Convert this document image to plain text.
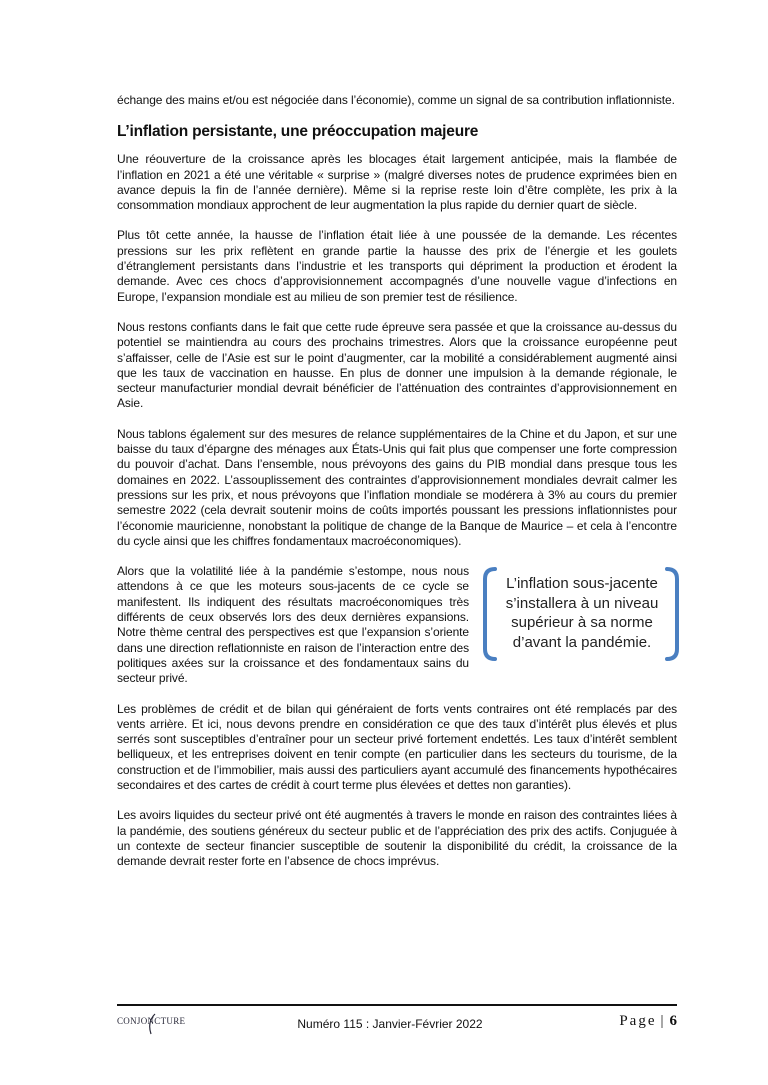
échange des mains et/ou est négociée dans l’économie), comme un signal de sa contribution inflationniste.

L’inflation persistante, une préoccupation majeure

Une réouverture de la croissance après les blocages était largement anticipée, mais la flambée de l’inflation en 2021 a été une véritable « surprise » (malgré diverses notes de prudence exprimées bien en avance depuis la fin de l’année dernière). Même si la reprise reste loin d’être complète, les prix à la consommation mondiaux approchent de leur augmentation la plus rapide du dernier quart de siècle.

Plus tôt cette année, la hausse de l’inflation était liée à une poussée de la demande. Les récentes pressions sur les prix reflètent en grande partie la hausse des prix de l’énergie et les goulets d’étranglement persistants dans l’industrie et les transports qui dépriment la production et érodent la demande. Avec ces chocs d’approvisionnement accompagnés d’une nouvelle vague d’infections en Europe, l’expansion mondiale est au milieu de son premier test de résilience.

Nous restons confiants dans le fait que cette rude épreuve sera passée et que la croissance au-dessus du potentiel se maintiendra au cours des prochains trimestres. Alors que la croissance européenne peut s’affaisser, celle de l’Asie est sur le point d’augmenter, car la mobilité a considérablement augmenté ainsi que les taux de vaccination en hausse. En plus de donner une impulsion à la demande régionale, le secteur manufacturier mondial devrait bénéficier de l’atténuation des contraintes d’approvisionnement en Asie.

Nous tablons également sur des mesures de relance supplémentaires de la Chine et du Japon, et sur une baisse du taux d’épargne des ménages aux États-Unis qui fait plus que compenser une forte compression du pouvoir d’achat. Dans l’ensemble, nous prévoyons des gains du PIB mondial dans presque tous les domaines en 2022. L’assouplissement des contraintes d’approvisionnement mondiales devrait calmer les pressions sur les prix, et nous prévoyons que l’inflation mondiale se modérera à 3% au cours du premier semestre 2022 (cela devrait soutenir moins de coûts importés poussant les pressions inflationnistes pour l’économie mauricienne, nonobstant la politique de change de la Banque de Maurice – et cela à l’encontre du cycle ainsi que les chiffres fondamentaux macroéconomiques).

L’inflation sous-jacente s’installera à un niveau supérieur à sa norme d’avant la pandémie.

Alors que la volatilité liée à la pandémie s’estompe, nous nous attendons à ce que les moteurs sous-jacents de ce cycle se manifestent. Ils indiquent des résultats macroéconomiques très différents de ceux observés lors des deux dernières expansions. Notre thème central des perspectives est que l’expansion s’oriente dans une direction reflationniste en raison de l’interaction entre des politiques axées sur la croissance et des fondamentaux sains du secteur privé.

Les problèmes de crédit et de bilan qui généraient de forts vents contraires ont été remplacés par des vents arrière. Et ici, nous devons prendre en considération ce que des taux d’intérêt plus élevés et plus serrés sont susceptibles d’entraîner pour un secteur privé fortement endettés. Les taux d’intérêt semblent belliqueux, et les entreprises doivent en tenir compte (en particulier dans les secteurs du tourisme, de la construction et de l’immobilier, mais aussi des particuliers ayant accumulé des financements hypothécaires secondaires et des cartes de crédit à court terme plus élevées et dettes non garanties).

Les avoirs liquides du secteur privé ont été augmentés à travers le monde en raison des contraintes liées à la pandémie, des soutiens généreux du secteur public et de l’appréciation des prix des actifs. Conjuguée à un contexte de secteur financier susceptible de soutenir la disponibilité du crédit, la croissance de la demande devrait rester forte en l’absence de chocs imprévus.

CONJONCTURE	Numéro 115 : Janvier-Février 2022	Page | 6
